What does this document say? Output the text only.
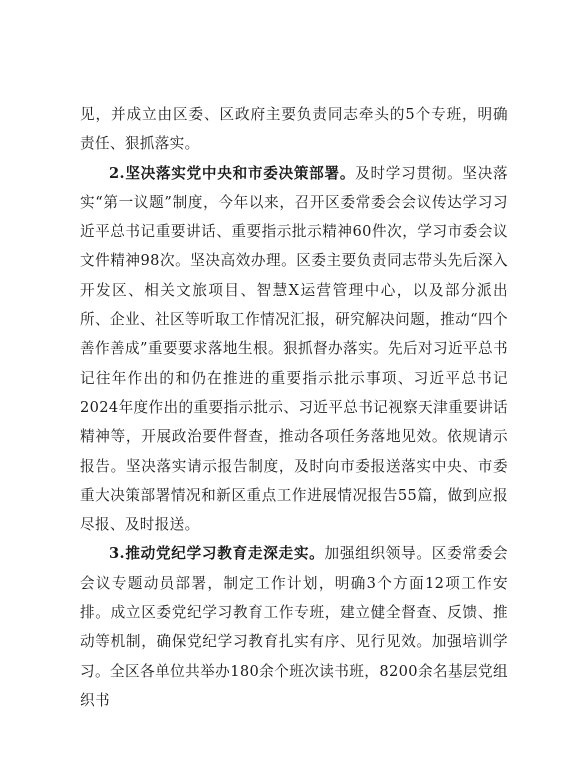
见，并成立由区委、区政府主要负责同志牵头的5个专班，明确责任、狠抓落实。

2.坚决落实党中央和市委决策部署。及时学习贯彻。坚决落实“第一议题”制度，今年以来，召开区委常委会会议传达学习习近平总书记重要讲话、重要指示批示精神60件次，学习市委会议文件精神98次。坚决高效办理。区委主要负责同志带头先后深入开发区、相关文旅项目、智慧X运营管理中心，以及部分派出所、企业、社区等听取工作情况汇报，研究解决问题，推动“四个善作善成”重要要求落地生根。狠抓督办落实。先后对习近平总书记往年作出的和仍在推进的重要指示批示事项、习近平总书记2024年度作出的重要指示批示、习近平总书记视察天津重要讲话精神等，开展政治要件督查，推动各项任务落地见效。依规请示报告。坚决落实请示报告制度，及时向市委报送落实中央、市委重大决策部署情况和新区重点工作进展情况报告55篇，做到应报尽报、及时报送。

3.推动党纪学习教育走深走实。加强组织领导。区委常委会会议专题动员部署，制定工作计划，明确3个方面12项工作安排。成立区委党纪学习教育工作专班，建立健全督查、反馈、推动等机制，确保党纪学习教育扎实有序、见行见效。加强培训学习。全区各单位共举办180余个班次读书班，8200余名基层党组织书
